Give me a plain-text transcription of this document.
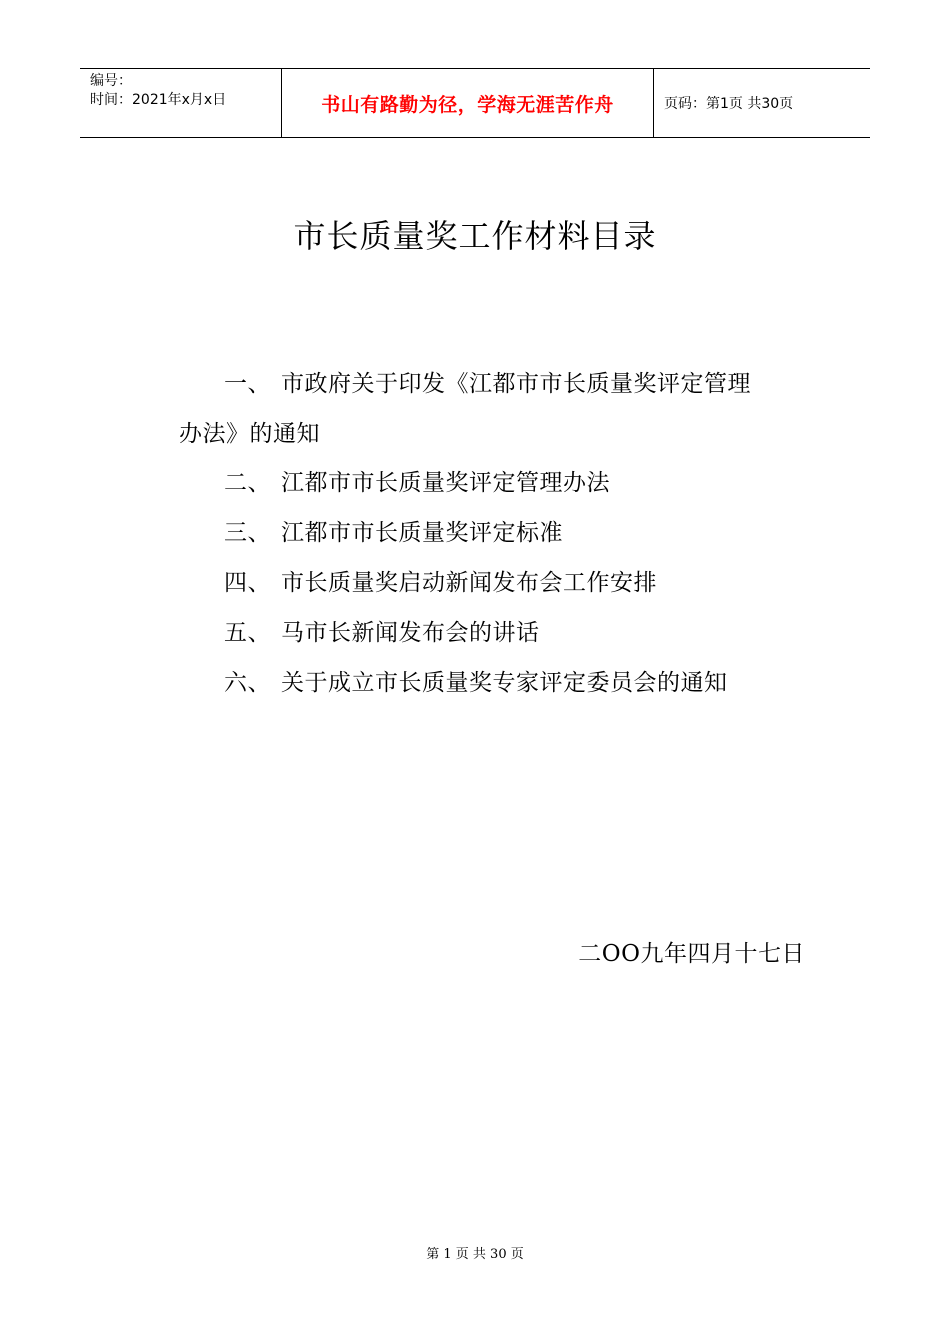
编号：
时间：2021年x月x日	书山有路勤为径，学海无涯苦作舟	页码：第1页 共30页
市长质量奖工作材料目录
一、 市政府关于印发《江都市市长质量奖评定管理
办法》的通知
二、 江都市市长质量奖评定管理办法
三、 江都市市长质量奖评定标准
四、 市长质量奖启动新闻发布会工作安排
五、 马市长新闻发布会的讲话
六、 关于成立市长质量奖专家评定委员会的通知
二OO九年四月十七日
第 1 页 共 30 页
